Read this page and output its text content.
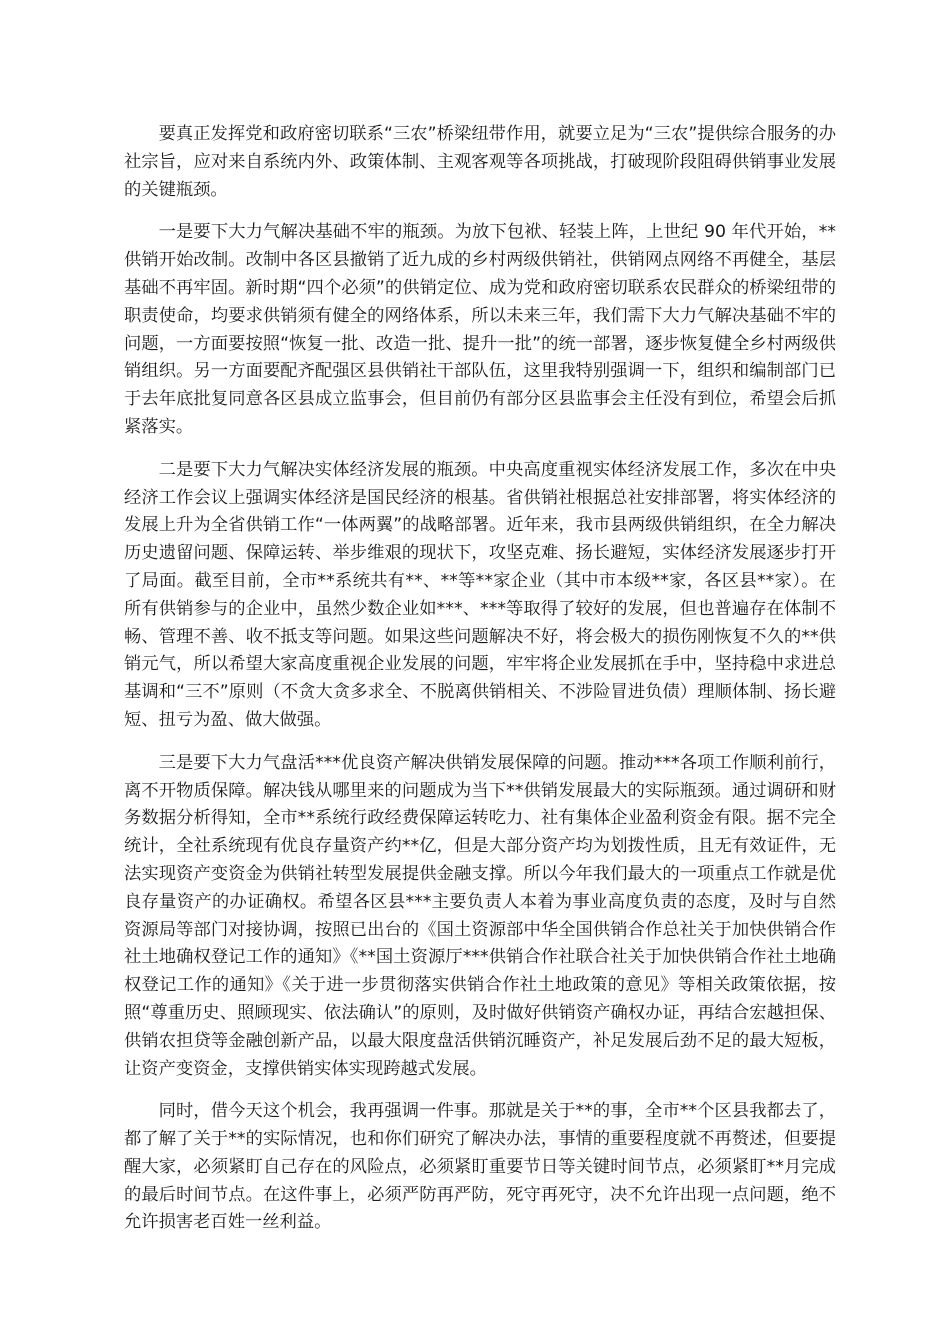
要真正发挥党和政府密切联系“三农”桥梁纽带作用，就要立足为“三农”提供综合服务的办社宗旨，应对来自系统内外、政策体制、主观客观等各项挑战，打破现阶段阻碍供销事业发展的关键瓶颈。

一是要下大力气解决基础不牢的瓶颈。为放下包袱、轻装上阵，上世纪 90 年代开始，**供销开始改制。改制中各区县撤销了近九成的乡村两级供销社，供销网点网络不再健全，基层基础不再牢固。新时期“四个必须”的供销定位、成为党和政府密切联系农民群众的桥梁纽带的职责使命，均要求供销须有健全的网络体系，所以未来三年，我们需下大力气解决基础不牢的问题，一方面要按照“恢复一批、改造一批、提升一批”的统一部署，逐步恢复健全乡村两级供销组织。另一方面要配齐配强区县供销社干部队伍，这里我特别强调一下，组织和编制部门已于去年底批复同意各区县成立监事会，但目前仍有部分区县监事会主任没有到位，希望会后抓紧落实。

二是要下大力气解决实体经济发展的瓶颈。中央高度重视实体经济发展工作，多次在中央经济工作会议上强调实体经济是国民经济的根基。省供销社根据总社安排部署，将实体经济的发展上升为全省供销工作“一体两翼”的战略部署。近年来，我市县两级供销组织，在全力解决历史遗留问题、保障运转、举步维艰的现状下，攻坚克难、扬长避短，实体经济发展逐步打开了局面。截至目前，全市**系统共有**、**等**家企业（其中市本级**家，各区县**家）。在所有供销参与的企业中，虽然少数企业如***、***等取得了较好的发展，但也普遍存在体制不畅、管理不善、收不抵支等问题。如果这些问题解决不好，将会极大的损伤刚恢复不久的**供销元气，所以希望大家高度重视企业发展的问题，牢牢将企业发展抓在手中，坚持稳中求进总基调和“三不”原则（不贪大贪多求全、不脱离供销相关、不涉险冒进负债）理顺体制、扬长避短、扭亏为盈、做大做强。

三是要下大力气盘活***优良资产解决供销发展保障的问题。推动***各项工作顺利前行，离不开物质保障。解决钱从哪里来的问题成为当下**供销发展最大的实际瓶颈。通过调研和财务数据分析得知，全市**系统行政经费保障运转吃力、社有集体企业盈利资金有限。据不完全统计，全社系统现有优良存量资产约**亿，但是大部分资产均为划拨性质，且无有效证件，无法实现资产变资金为供销社转型发展提供金融支撑。所以今年我们最大的一项重点工作就是优良存量资产的办证确权。希望各区县***主要负责人本着为事业高度负责的态度，及时与自然资源局等部门对接协调，按照已出台的《国土资源部中华全国供销合作总社关于加快供销合作社土地确权登记工作的通知》《**国土资源厅***供销合作社联合社关于加快供销合作社土地确权登记工作的通知》《关于进一步贯彻落实供销合作社土地政策的意见》等相关政策依据，按照“尊重历史、照顾现实、依法确认”的原则，及时做好供销资产确权办证，再结合宏越担保、供销农担贷等金融创新产品，以最大限度盘活供销沉睡资产，补足发展后劲不足的最大短板，让资产变资金，支撑供销实体实现跨越式发展。

同时，借今天这个机会，我再强调一件事。那就是关于**的事，全市**个区县我都去了，都了解了关于**的实际情况，也和你们研究了解决办法，事情的重要程度就不再赘述，但要提醒大家，必须紧盯自己存在的风险点，必须紧盯重要节日等关键时间节点，必须紧盯**月完成的最后时间节点。在这件事上，必须严防再严防，死守再死守，决不允许出现一点问题，绝不允许损害老百姓一丝利益。
